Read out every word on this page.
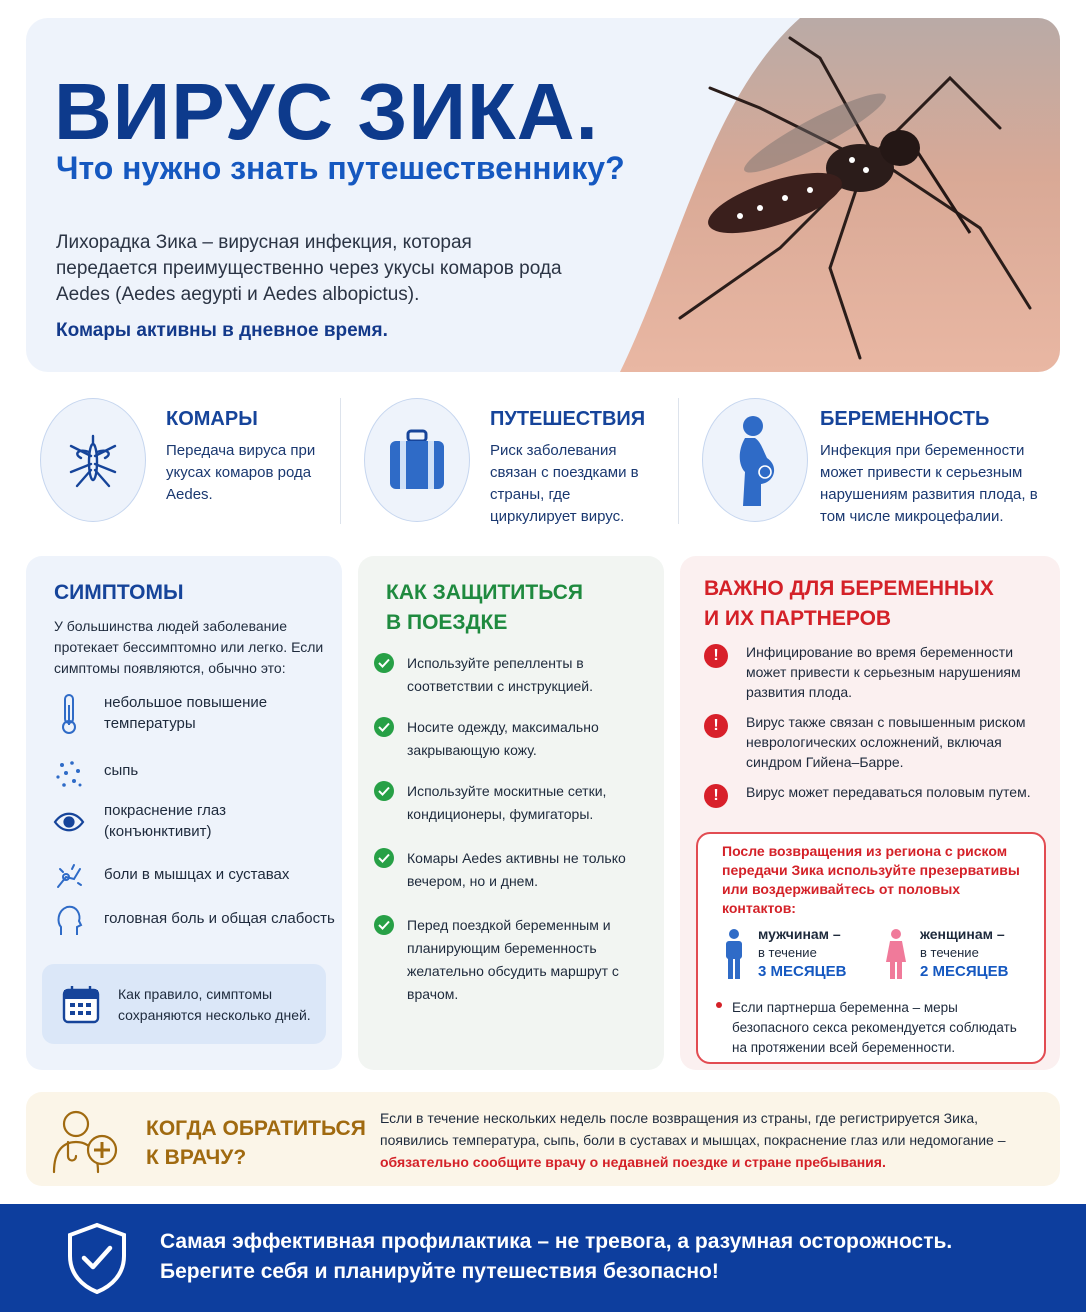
ВИРУС ЗИКА.
Что нужно знать путешественнику?
Лихорадка Зика – вирусная инфекция, которая передается преимущественно через укусы комаров рода Aedes (Aedes aegypti и Aedes albopictus).
Комары активны в дневное время.
КОМАРЫ

Передача вируса при укусах комаров рода Aedes.

ПУТЕШЕСТВИЯ

Риск заболевания связан с поездками в страны, где циркулирует вирус.

БЕРЕМЕННОСТЬ

Инфекция при беременности может привести к серьезным нарушениям развития плода, в том числе микроцефалии.

СИМПТОМЫ
У большинства людей заболевание протекает бессимптомно или легко. Если симптомы появляются, обычно это:
небольшое повышение температуры
сыпь
покраснение глаз (конъюнктивит)
боли в мышцах и суставах
головная боль и общая слабость
Как правило, симптомы сохраняются несколько дней.
КАК ЗАЩИТИТЬСЯ
В ПОЕЗДКЕ
Используйте репелленты в соответствии с инструкцией.
Носите одежду, максимально закрывающую кожу.
Используйте москитные сетки, кондиционеры, фумигаторы.
Комары Aedes активны не только вечером, но и днем.
Перед поездкой беременным и планирующим беременность желательно обсудить маршрут с врачом.
ВАЖНО ДЛЯ БЕРЕМЕННЫХ
И ИХ ПАРТНЕРОВ
!	Инфицирование во время беременности может привести к серьезным нарушениям развития плода.
!	Вирус также связан с повышенным риском неврологических осложнений, включая синдром Гийена–Барре.
!	Вирус может передаваться половым путем.
После возвращения из региона с риском передачи Зика используйте презервативы или воздерживайтесь от половых контактов:
мужчинам –
в течение
3 МЕСЯЦЕВ
женщинам –
в течение
2 МЕСЯЦЕВ
Если партнерша беременна – меры безопасного секса рекомендуется соблюдать на протяжении всей беременности.
КОГДА ОБРАТИТЬСЯ
К ВРАЧУ?
Если в течение нескольких недель после возвращения из страны, где регистрируется Зика, появились температура, сыпь, боли в суставах и мышцах, покраснение глаз или недомогание –
обязательно сообщите врачу о недавней поездке и стране пребывания.
Самая эффективная профилактика – не тревога, а разумная осторожность.
Берегите себя и планируйте путешествия безопасно!
